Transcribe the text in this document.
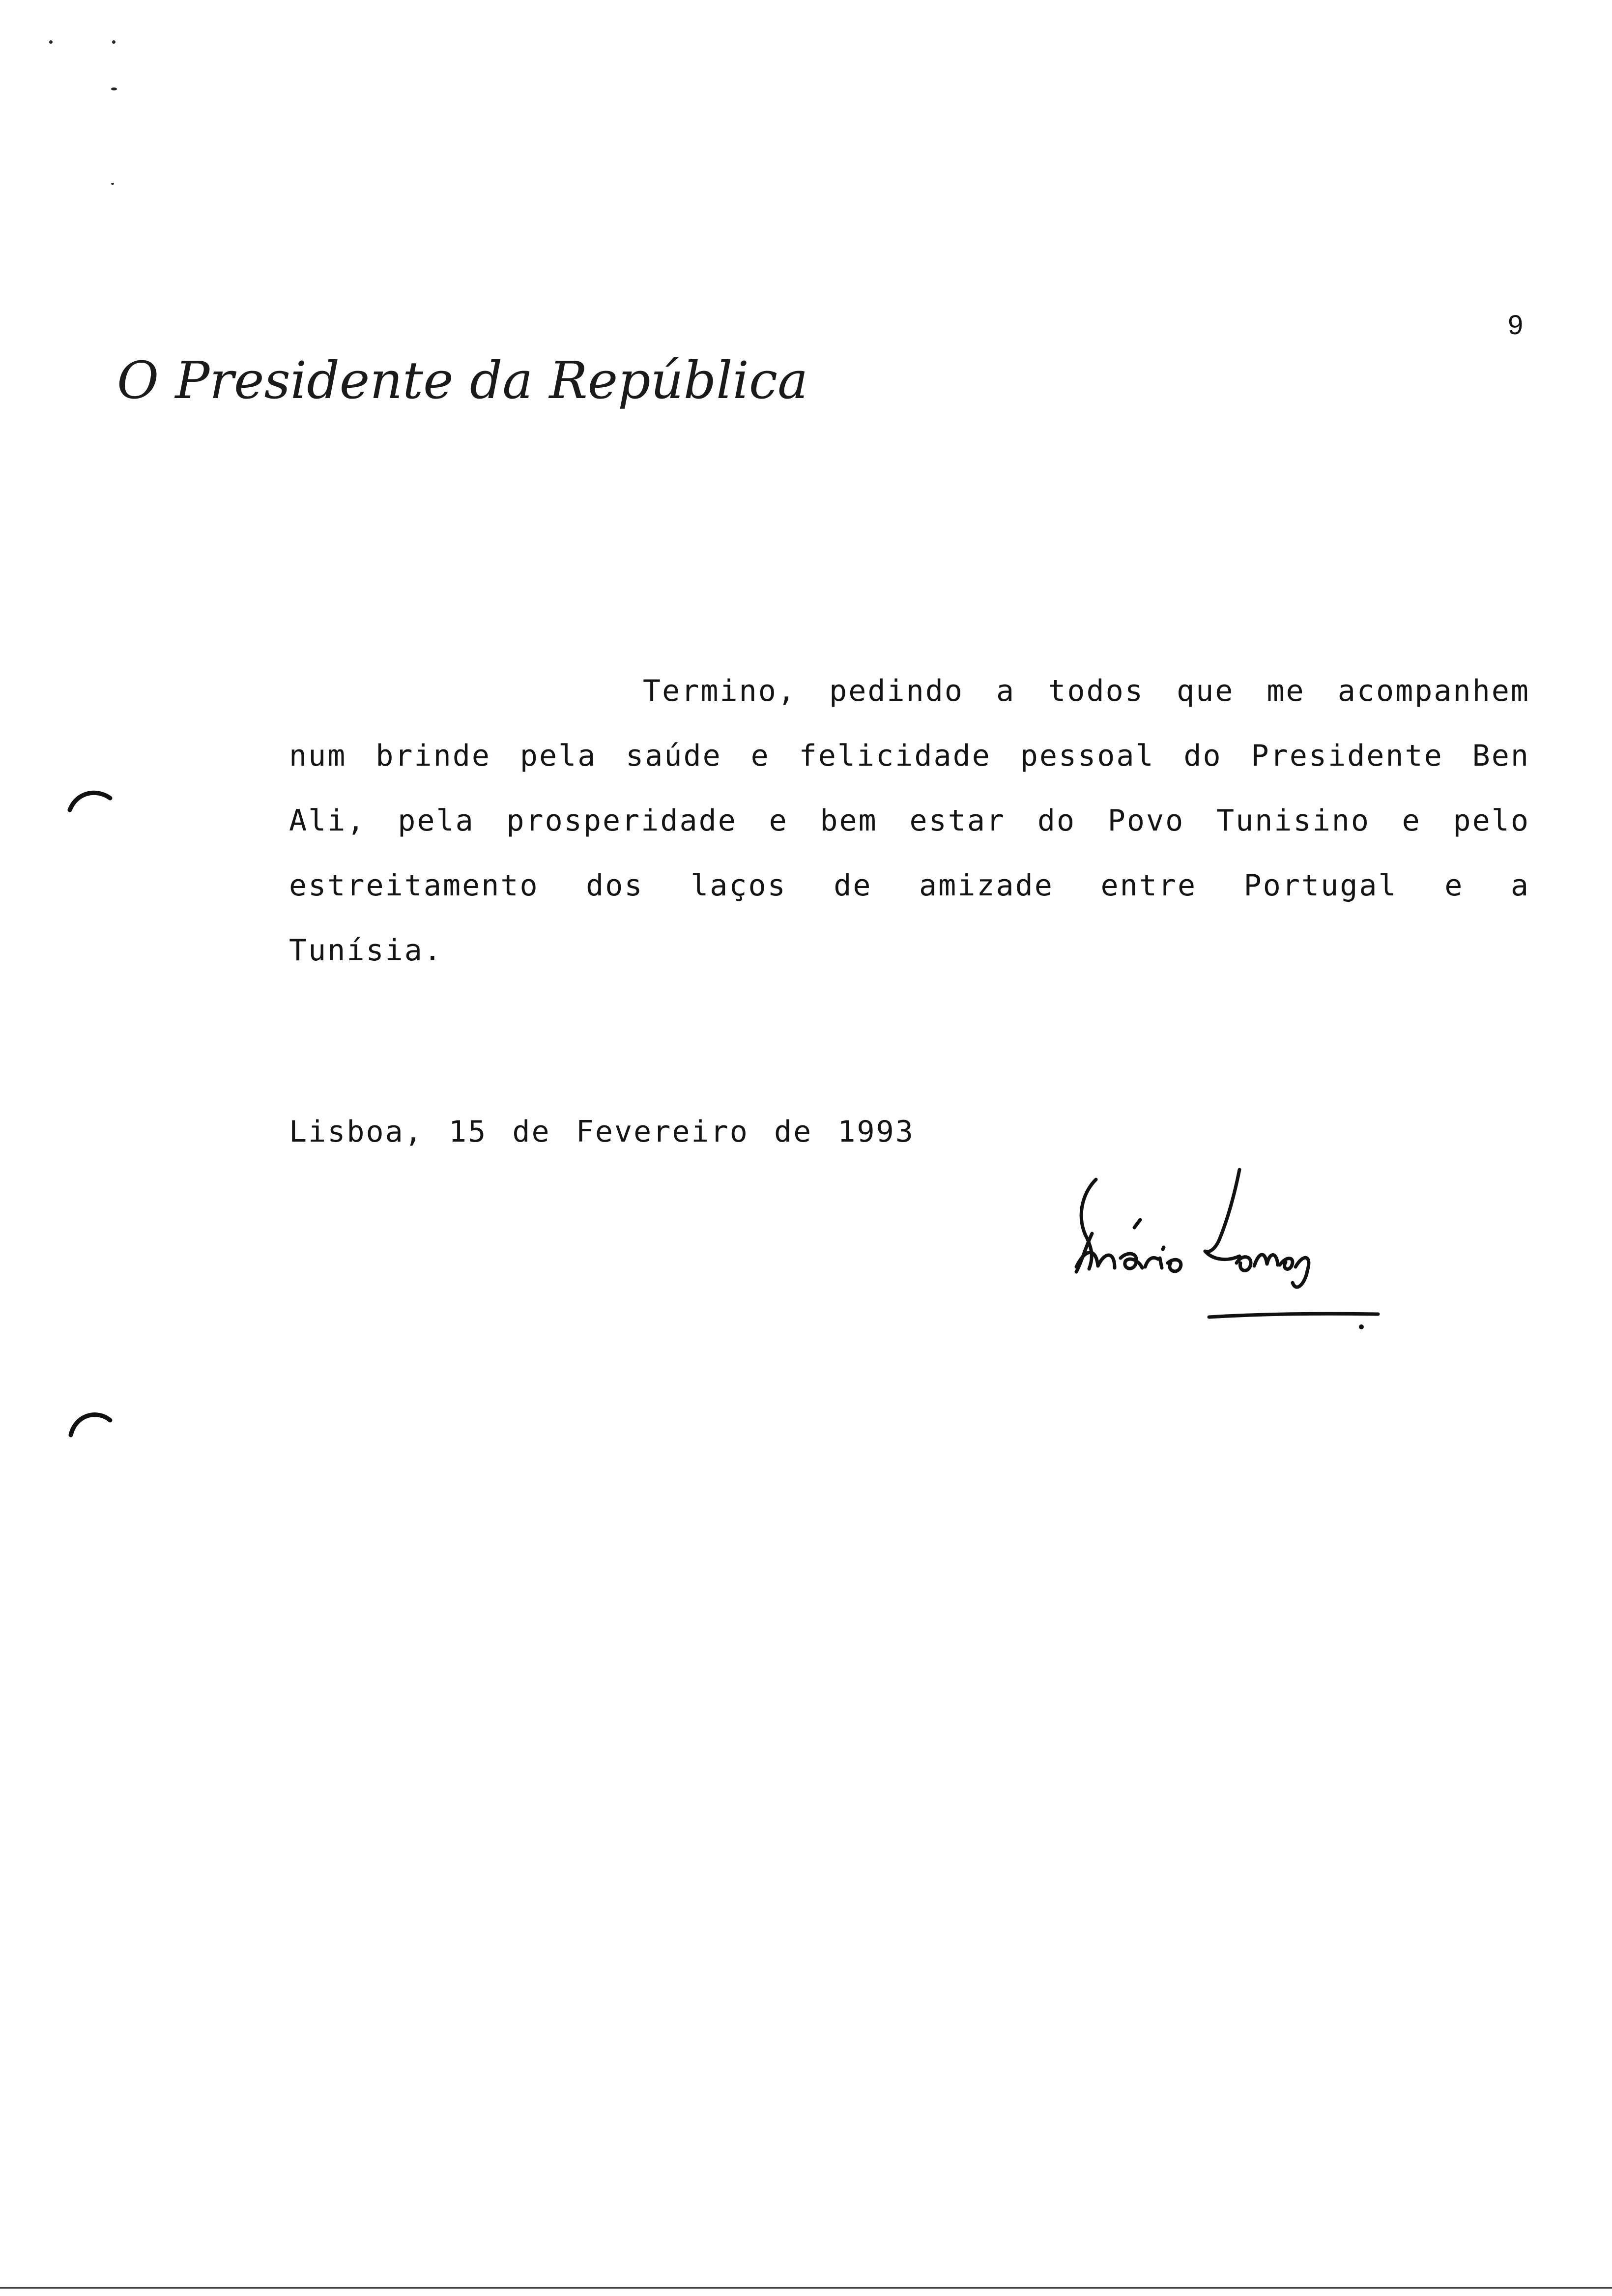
9
O Presidente da República

Termino, pedindo a todos que me acompanhem num brinde pela saúde e felicidade pessoal do Presidente Ben Ali, pela prosperidade e bem estar do Povo Tunisino e pelo estreitamento dos laços de amizade entre Portugal e a Tunísia.

Lisboa, 15 de Fevereiro de 1993
